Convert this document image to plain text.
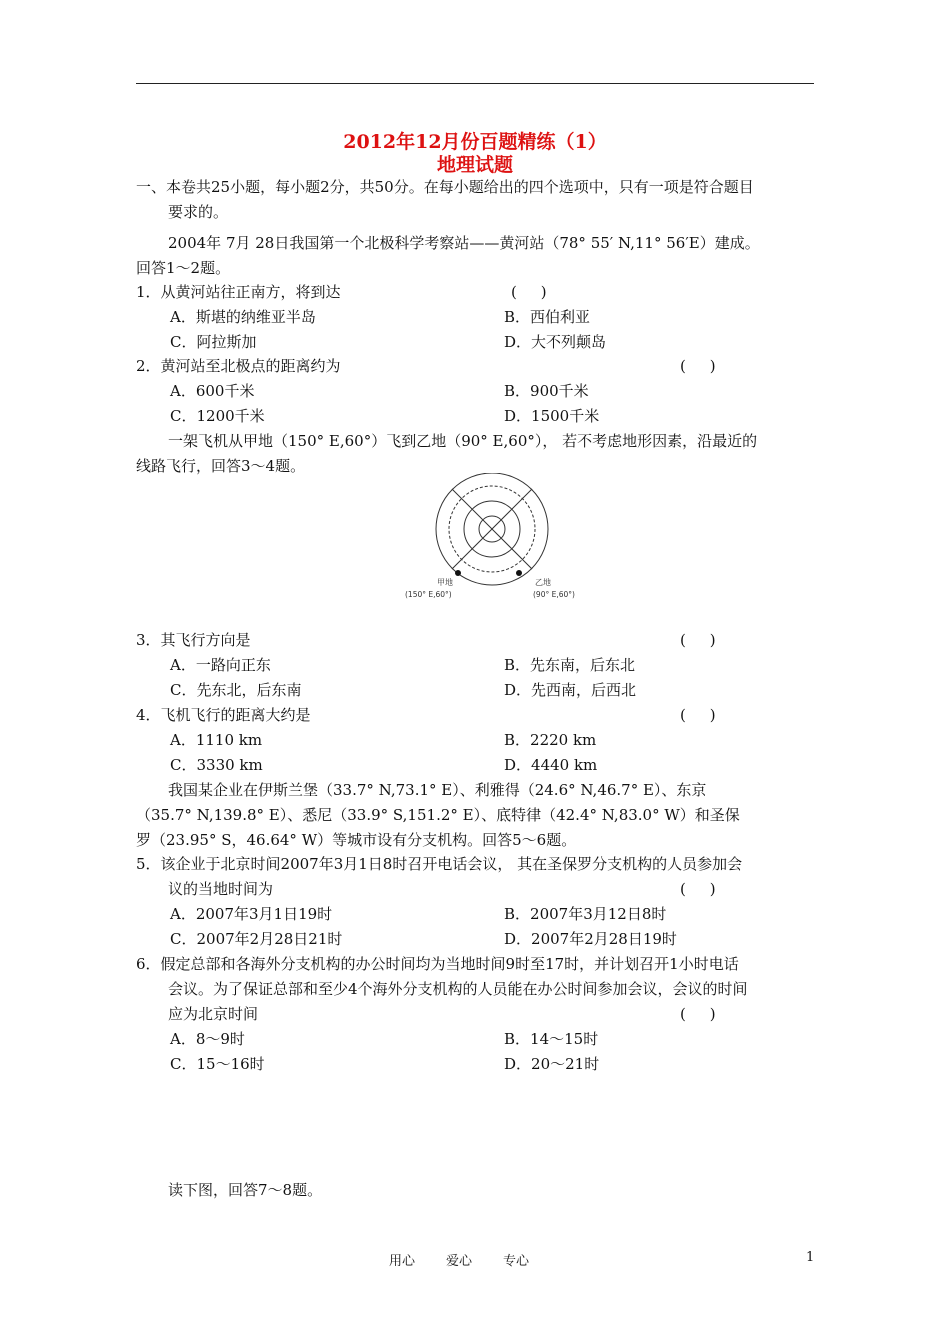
2012年12月份百题精练（1）
地理试题
一、本卷共25小题，每小题2分，共50分。在每小题给出的四个选项中，只有一项是符合题目
要求的。
2004年 7月 28日我国第一个北极科学考察站——黄河站（78° 55′ N,11° 56′E）建成。
回答1～2题。
1．从黄河站往正南方，将到达	(     )
A．斯堪的纳维亚半岛	B．西伯利亚
C．阿拉斯加	D．大不列颠岛
2．黄河站至北极点的距离约为	(     )
A．600千米	B．900千米
C．1200千米	D．1500千米
一架飞机从甲地（150° E,60°）飞到乙地（90° E,60°）， 若不考虑地形因素，沿最近的
线路飞行，回答3～4题。
甲地
(150° E,60°)
乙地
(90° E,60°)
3．其飞行方向是	(     )
A．一路向正东	B．先东南，后东北
C．先东北，后东南	D．先西南，后西北
4．飞机飞行的距离大约是	(     )
A．1110 km	B．2220 km
C．3330 km	D．4440 km
我国某企业在伊斯兰堡（33.7° N,73.1° E）、利雅得（24.6° N,46.7° E）、东京
（35.7° N,139.8° E）、悉尼（33.9° S,151.2° E）、底特律（42.4° N,83.0° W）和圣保
罗（23.95° S，46.64° W）等城市设有分支机构。回答5～6题。
5．该企业于北京时间2007年3月1日8时召开电话会议， 其在圣保罗分支机构的人员参加会
议的当地时间为	(     )
A．2007年3月1日19时	B．2007年3月12日8时
C．2007年2月28日21时	D．2007年2月28日19时
6．假定总部和各海外分支机构的办公时间均为当地时间9时至17时，并计划召开1小时电话
会议。为了保证总部和至少4个海外分支机构的人员能在办公时间参加会议，会议的时间
应为北京时间	(     )
A．8～9时	B．14～15时
C．15～16时	D．20～21时
读下图，回答7～8题。
用心 爱心 专心	1
